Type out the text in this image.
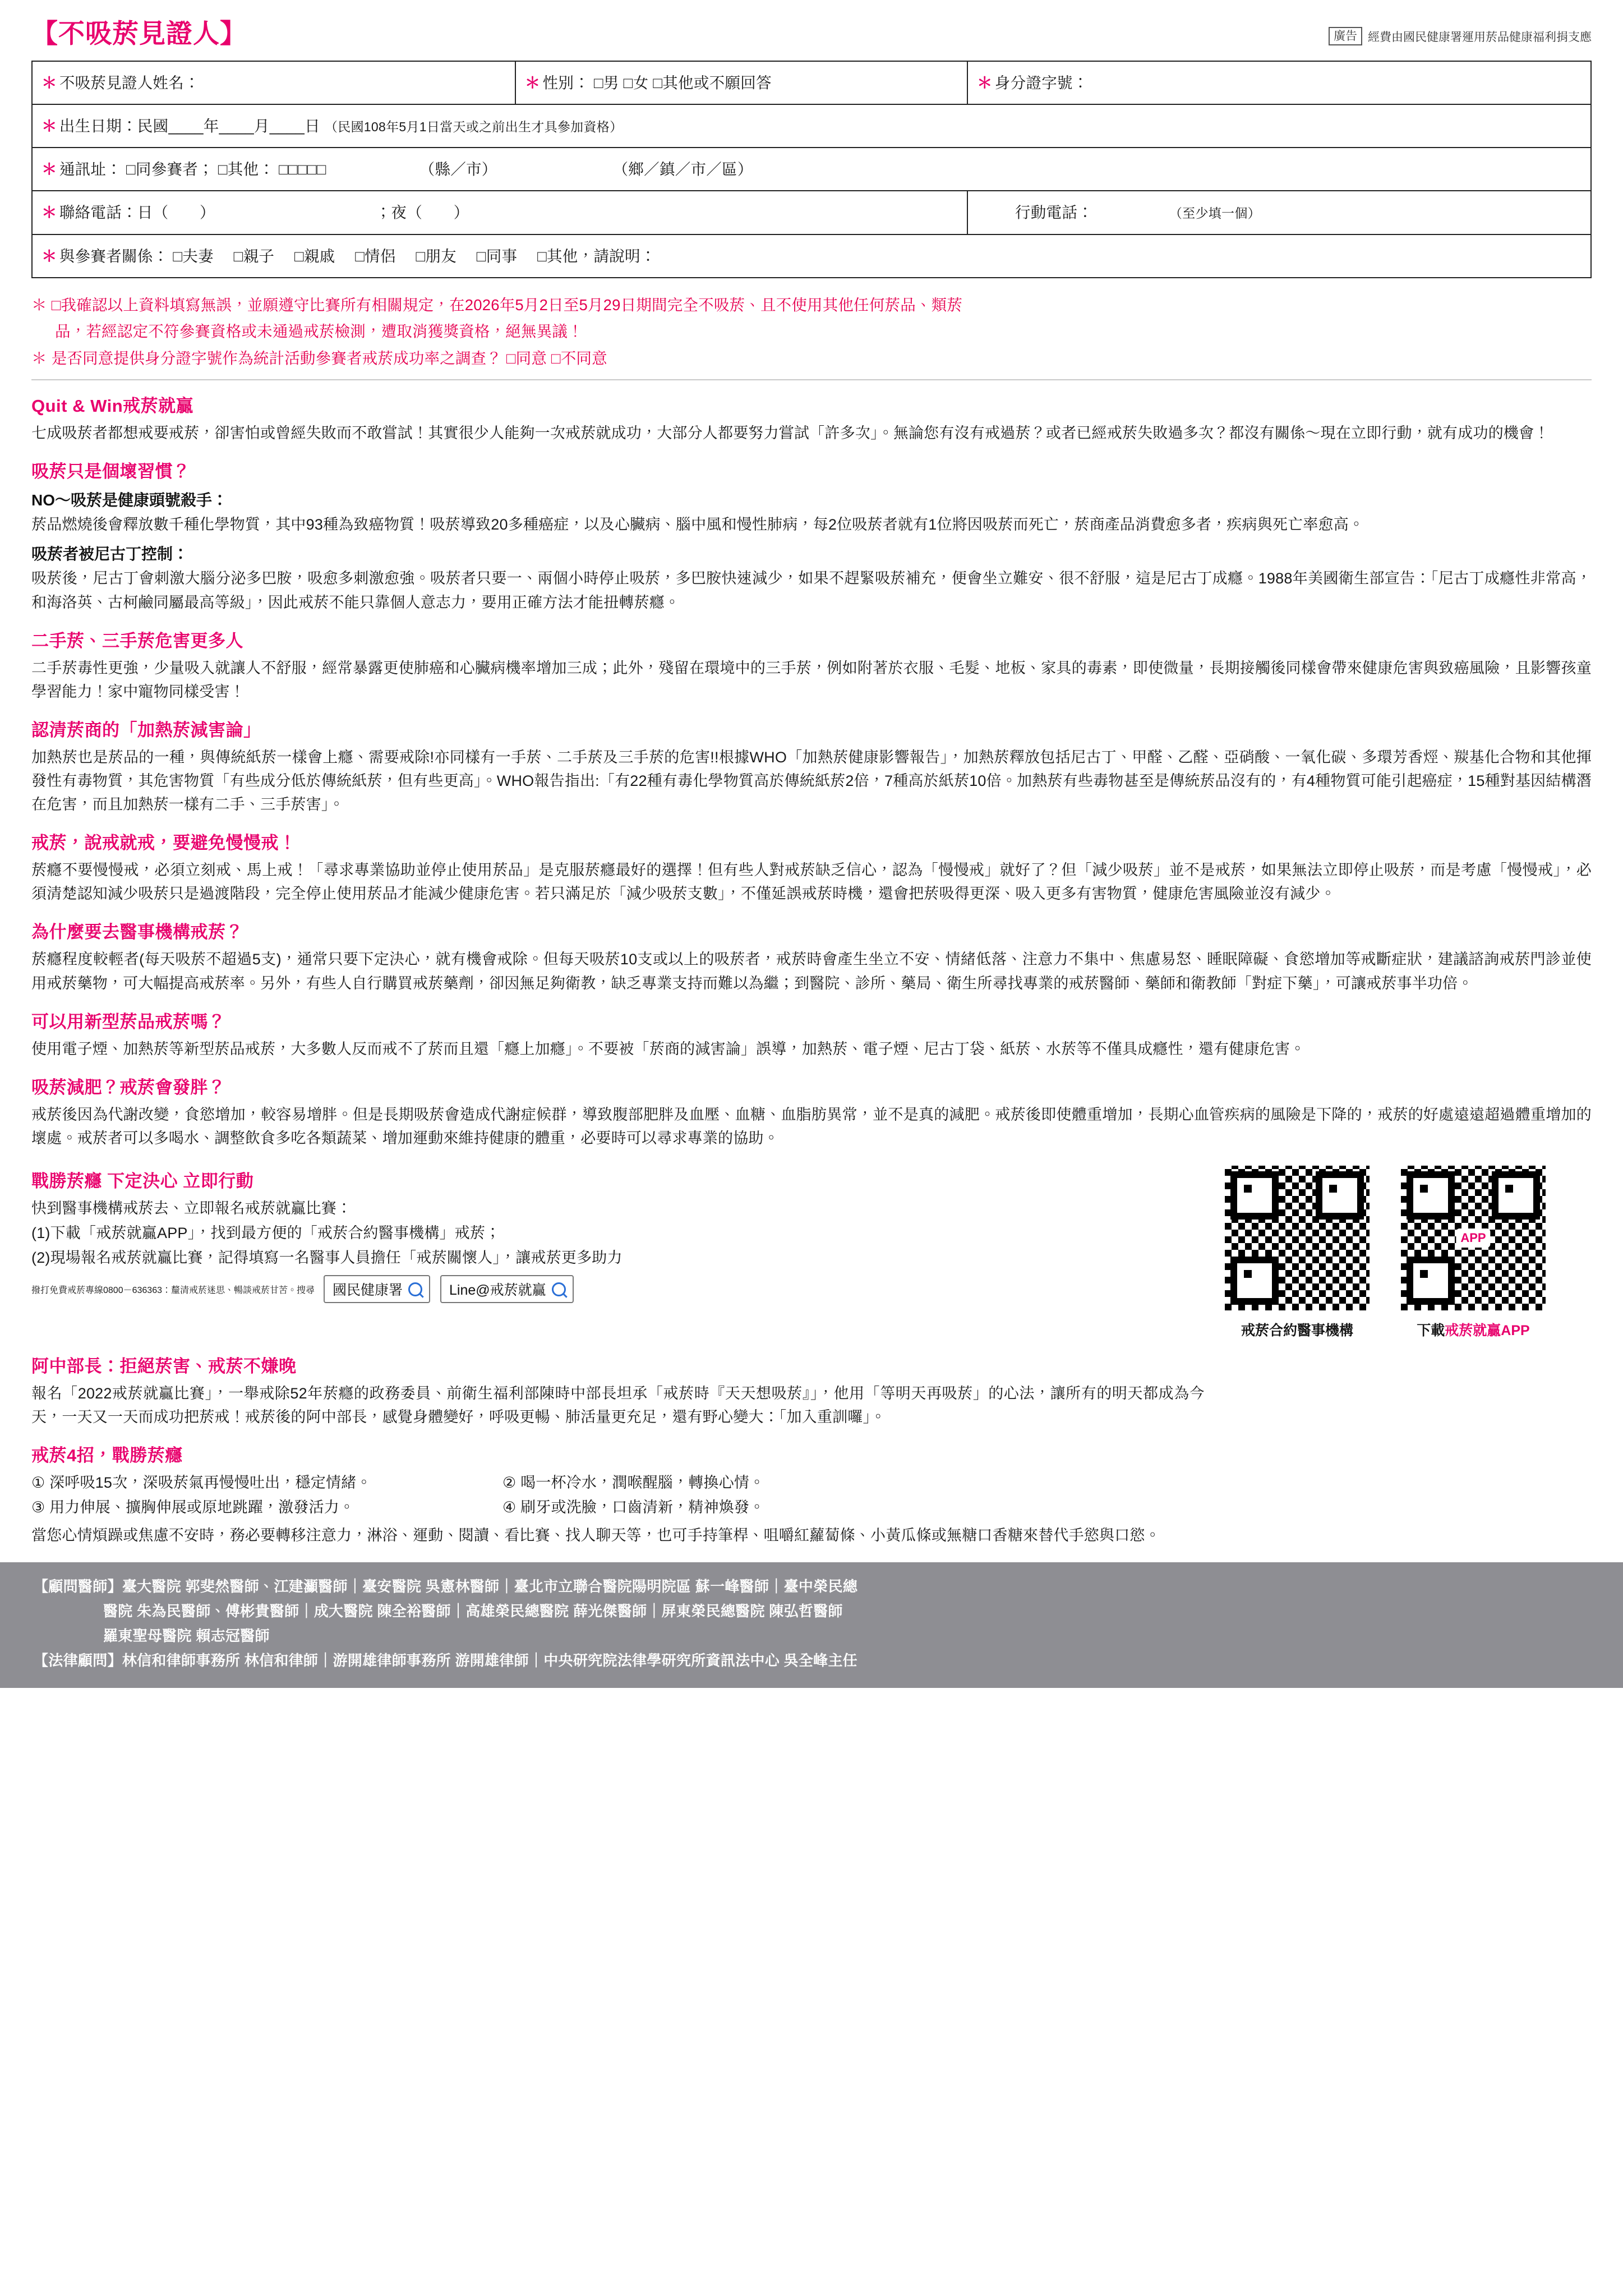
【不吸菸見證人】	廣告 經費由國民健康署運用菸品健康福利捐支應
＊ 不吸菸見證人姓名：	＊ 性別： □男 □女 □其他或不願回答	＊ 身分證字號：
＊ 出生日期：民國____年____月____日 （民國108年5月1日當天或之前出生才具參加資格）		
＊ 通訊址： □同參賽者； □其他： □□□□□ （縣／市） （鄉／鎮／市／區）		
＊ 聯絡電話：日（　　） ；夜（　　）		行動電話： （至少填一個）
＊ 與參賽者關係： □夫妻 　□親子 　□親戚 　□情侶 　□朋友 　□同事 　□其他，請說明：		

＊ □我確認以上資料填寫無誤，並願遵守比賽所有相關規定，在2026年5月2日至5月29日期間完全不吸菸、且不使用其他任何菸品、類菸

品，若經認定不符參賽資格或未通過戒菸檢測，遭取消獲獎資格，絕無異議！

＊ 是否同意提供身分證字號作為統計活動參賽者戒菸成功率之調查？ □同意 □不同意

Quit & Win戒菸就贏

七成吸菸者都想戒要戒菸，卻害怕或曾經失敗而不敢嘗試！其實很少人能夠一次戒菸就成功，大部分人都要努力嘗試「許多次」。無論您有沒有戒過菸？或者已經戒菸失敗過多次？都沒有關係～現在立即行動，就有成功的機會！

吸菸只是個壞習慣？
NO～吸菸是健康頭號殺手：

菸品燃燒後會釋放數千種化學物質，其中93種為致癌物質！吸菸導致20多種癌症，以及心臟病、腦中風和慢性肺病，每2位吸菸者就有1位將因吸菸而死亡，菸商產品消費愈多者，疾病與死亡率愈高。

吸菸者被尼古丁控制：

吸菸後，尼古丁會刺激大腦分泌多巴胺，吸愈多刺激愈強。吸菸者只要一、兩個小時停止吸菸，多巴胺快速減少，如果不趕緊吸菸補充，便會坐立難安、很不舒服，這是尼古丁成癮。1988年美國衛生部宣告：「尼古丁成癮性非常高，和海洛英、古柯鹼同屬最高等級」，因此戒菸不能只靠個人意志力，要用正確方法才能扭轉菸癮。

二手菸、三手菸危害更多人

二手菸毒性更強，少量吸入就讓人不舒服，經常暴露更使肺癌和心臟病機率增加三成；此外，殘留在環境中的三手菸，例如附著於衣服、毛髮、地板、家具的毒素，即使微量，長期接觸後同樣會帶來健康危害與致癌風險，且影響孩童學習能力！家中寵物同樣受害！

認清菸商的「加熱菸減害論」

加熱菸也是菸品的一種，與傳統紙菸一樣會上癮、需要戒除!亦同樣有一手菸、二手菸及三手菸的危害!!根據WHO「加熱菸健康影響報告」，加熱菸釋放包括尼古丁、甲醛、乙醛、亞硝酸、一氧化碳、多環芳香烴、羰基化合物和其他揮發性有毒物質，其危害物質「有些成分低於傳統紙菸，但有些更高」。WHO報告指出:「有22種有毒化學物質高於傳統紙菸2倍，7種高於紙菸10倍。加熱菸有些毒物甚至是傳統菸品沒有的，有4種物質可能引起癌症，15種對基因結構潛在危害，而且加熱菸一樣有二手、三手菸害」。

戒菸，說戒就戒，要避免慢慢戒！

菸癮不要慢慢戒，必須立刻戒、馬上戒！「尋求專業協助並停止使用菸品」是克服菸癮最好的選擇！但有些人對戒菸缺乏信心，認為「慢慢戒」就好了？但「減少吸菸」並不是戒菸，如果無法立即停止吸菸，而是考慮「慢慢戒」，必須清楚認知減少吸菸只是過渡階段，完全停止使用菸品才能減少健康危害。若只滿足於「減少吸菸支數」，不僅延誤戒菸時機，還會把菸吸得更深、吸入更多有害物質，健康危害風險並沒有減少。

為什麼要去醫事機構戒菸？

菸癮程度較輕者(每天吸菸不超過5支)，通常只要下定決心，就有機會戒除。但每天吸菸10支或以上的吸菸者，戒菸時會產生坐立不安、情緒低落、注意力不集中、焦慮易怒、睡眠障礙、食慾增加等戒斷症狀，建議諮詢戒菸門診並使用戒菸藥物，可大幅提高戒菸率。另外，有些人自行購買戒菸藥劑，卻因無足夠衛教，缺乏專業支持而難以為繼；到醫院、診所、藥局、衛生所尋找專業的戒菸醫師、藥師和衛教師「對症下藥」，可讓戒菸事半功倍。

可以用新型菸品戒菸嗎？

使用電子煙、加熱菸等新型菸品戒菸，大多數人反而戒不了菸而且還「癮上加癮」。不要被「菸商的減害論」誤導，加熱菸、電子煙、尼古丁袋、紙菸、水菸等不僅具成癮性，還有健康危害。

吸菸減肥？戒菸會發胖？

戒菸後因為代謝改變，食慾增加，較容易增胖。但是長期吸菸會造成代謝症候群，導致腹部肥胖及血壓、血糖、血脂肪異常，並不是真的減肥。戒菸後即使體重增加，長期心血管疾病的風險是下降的，戒菸的好處遠遠超過體重增加的壞處。戒菸者可以多喝水、調整飲食多吃各類蔬菜、增加運動來維持健康的體重，必要時可以尋求專業的協助。

戰勝菸癮 下定決心 立即行動

快到醫事機構戒菸去、立即報名戒菸就贏比賽：

(1)下載「戒菸就贏APP」，找到最方便的「戒菸合約醫事機構」戒菸；

(2)現場報名戒菸就贏比賽，記得填寫一名醫事人員擔任「戒菸關懷人」，讓戒菸更多助力

撥打免費戒菸專線0800－636363：釐清戒菸迷思、暢談戒菸甘苦。搜尋 國民健康署	Line@戒菸就贏
戒菸合約醫事機構
APP
下載戒菸就贏APP
阿中部長：拒絕菸害、戒菸不嫌晚

報名「2022戒菸就贏比賽」，一舉戒除52年菸癮的政務委員、前衛生福利部陳時中部長坦承「戒菸時『天天想吸菸』」，他用「等明天再吸菸」的心法，讓所有的明天都成為今天，一天又一天而成功把菸戒！戒菸後的阿中部長，感覺身體變好，呼吸更暢、肺活量更充足，還有野心變大：「加入重訓囉」。

戒菸4招，戰勝菸癮

① 深呼吸15次，深吸菸氣再慢慢吐出，穩定情緒。	② 喝一杯冷水，潤喉醒腦，轉換心情。

③ 用力伸展、擴胸伸展或原地跳躍，激發活力。	④ 刷牙或洗臉，口齒清新，精神煥發。

當您心情煩躁或焦慮不安時，務必要轉移注意力，淋浴、運動、閱讀、看比賽、找人聊天等，也可手持筆桿、咀嚼紅蘿蔔條、小黃瓜條或無糖口香糖來替代手慾與口慾。

【顧問醫師】臺大醫院 郭斐然醫師、江建灦醫師｜臺安醫院 吳憲林醫師｜臺北市立聯合醫院陽明院區 蘇一峰醫師｜臺中榮民總
醫院 朱為民醫師、傅彬貴醫師｜成大醫院 陳全裕醫師｜高雄榮民總醫院 薛光傑醫師｜屏東榮民總醫院 陳弘哲醫師
羅東聖母醫院 賴志冠醫師
【法律顧問】林信和律師事務所 林信和律師｜游開雄律師事務所 游開雄律師｜中央研究院法律學研究所資訊法中心 吳全峰主任
